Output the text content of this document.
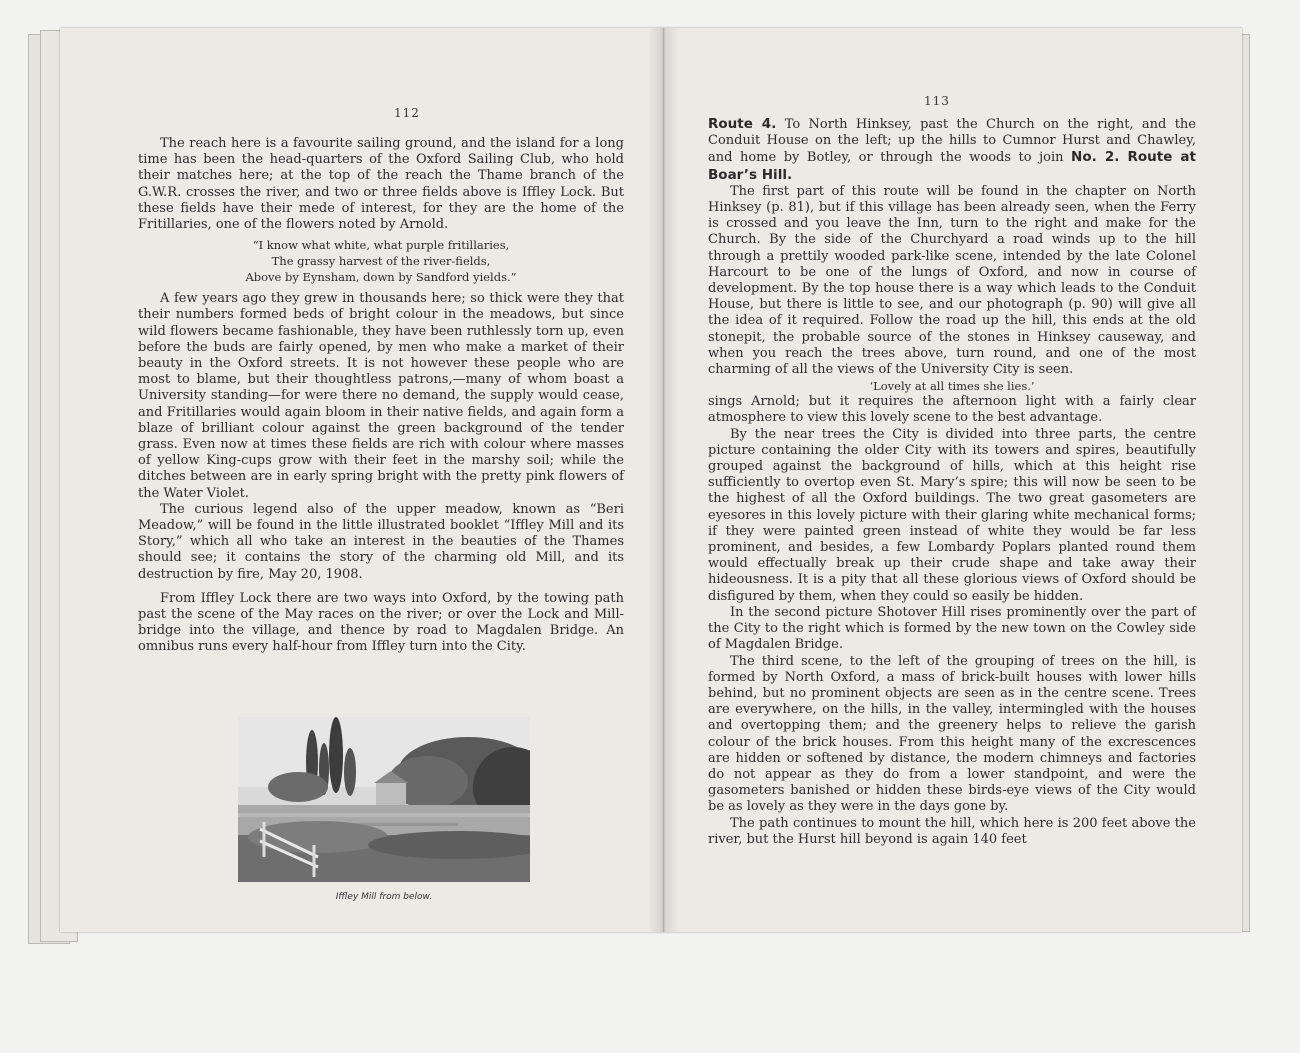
112

The reach here is a favourite sailing ground, and the island for a long time has been the head-quarters of the Oxford Sailing Club, who hold their matches here; at the top of the reach the Thame branch of the G.W.R. crosses the river, and two or three fields above is Iffley Lock. But these fields have their mede of interest, for they are the home of the Fritillaries, one of the flowers noted by Arnold.

“I know what white, what purple fritillaries,
The grassy harvest of the river-fields,
Above by Eynsham, down by Sandford yields.”

A few years ago they grew in thousands here; so thick were they that their numbers formed beds of bright colour in the meadows, but since wild flowers became fashionable, they have been ruthlessly torn up, even before the buds are fairly opened, by men who make a market of their beauty in the Oxford streets. It is not however these people who are most to blame, but their thoughtless patrons,—many of whom boast a University standing—for were there no demand, the supply would cease, and Fritillaries would again bloom in their native fields, and again form a blaze of brilliant colour against the green background of the tender grass. Even now at times these fields are rich with colour where masses of yellow King-cups grow with their feet in the marshy soil; while the ditches between are in early spring bright with the pretty pink flowers of the Water Violet.

The curious legend also of the upper meadow, known as “Beri Meadow,” will be found in the little illustrated booklet “Iffley Mill and its Story,” which all who take an interest in the beauties of the Thames should see; it contains the story of the charming old Mill, and its destruction by fire, May 20, 1908.

From Iffley Lock there are two ways into Oxford, by the towing path past the scene of the May races on the river; or over the Lock and Mill-bridge into the village, and thence by road to Magdalen Bridge. An omnibus runs every half-hour from Iffley turn into the City.

Iffley Mill from below.
113

Route 4. To North Hinksey, past the Church on the right, and the Conduit House on the left; up the hills to Cumnor Hurst and Chawley, and home by Botley, or through the woods to join No. 2. Route at Boar’s Hill.

The first part of this route will be found in the chapter on North Hinksey (p. 81), but if this village has been already seen, when the Ferry is crossed and you leave the Inn, turn to the right and make for the Church. By the side of the Churchyard a road winds up to the hill through a prettily wooded park-like scene, intended by the late Colonel Harcourt to be one of the lungs of Oxford, and now in course of development. By the top house there is a way which leads to the Conduit House, but there is little to see, and our photograph (p. 90) will give all the idea of it required. Follow the road up the hill, this ends at the old stonepit, the probable source of the stones in Hinksey causeway, and when you reach the trees above, turn round, and one of the most charming of all the views of the University City is seen.

‘Lovely at all times she lies.’

sings Arnold; but it requires the afternoon light with a fairly clear atmosphere to view this lovely scene to the best advantage.

By the near trees the City is divided into three parts, the centre picture containing the older City with its towers and spires, beautifully grouped against the background of hills, which at this height rise sufficiently to overtop even St. Mary’s spire; this will now be seen to be the highest of all the Oxford buildings. The two great gasometers are eyesores in this lovely picture with their glaring white mechanical forms; if they were painted green instead of white they would be far less prominent, and besides, a few Lombardy Poplars planted round them would effectually break up their crude shape and take away their hideousness. It is a pity that all these glorious views of Oxford should be disfigured by them, when they could so easily be hidden.

In the second picture Shotover Hill rises prominently over the part of the City to the right which is formed by the new town on the Cowley side of Magdalen Bridge.

The third scene, to the left of the grouping of trees on the hill, is formed by North Oxford, a mass of brick-built houses with lower hills behind, but no prominent objects are seen as in the centre scene. Trees are everywhere, on the hills, in the valley, intermingled with the houses and overtopping them; and the greenery helps to relieve the garish colour of the brick houses. From this height many of the excrescences are hidden or softened by distance, the modern chimneys and factories do not appear as they do from a lower standpoint, and were the gasometers banished or hidden these birds-eye views of the City would be as lovely as they were in the days gone by.

The path continues to mount the hill, which here is 200 feet above the river, but the Hurst hill beyond is again 140 feet
